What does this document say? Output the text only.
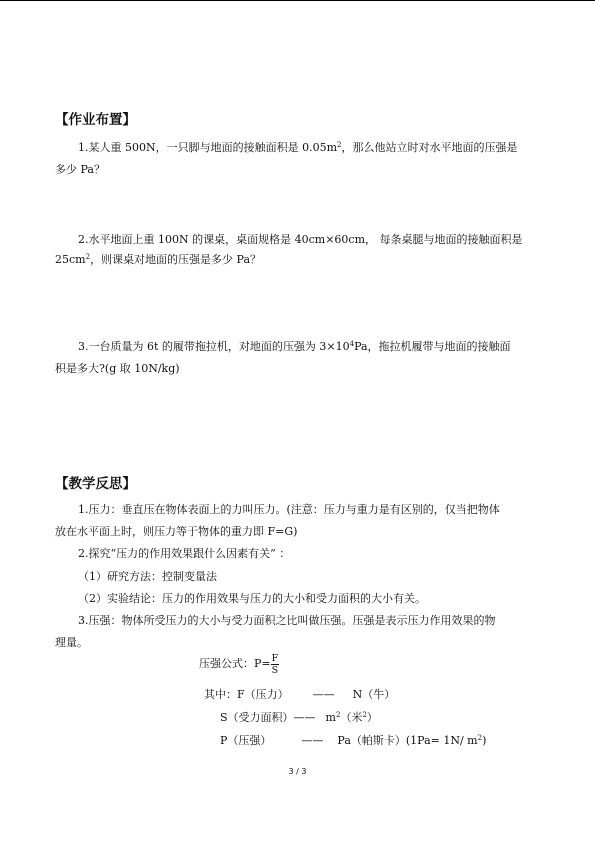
【作业布置】
1.某人重 500N，一只脚与地面的接触面积是 $0.05m^2$，那么他站立时对水平地面的压强是
多少 Pa？
2.水平地面上重 100N 的课桌，桌面规格是 40cm×60cm， 每条桌腿与地面的接触面积是
$25cm^2$，则课桌对地面的压强是多少 Pa？
3.一台质量为 6t 的履带拖拉机，对地面的压强为 $3\times 10^4Pa$，拖拉机履带与地面的接触面
积是多大?(g 取 10N/kg)
【教学反思】
1.压力：垂直压在物体表面上的力叫压力。(注意：压力与重力是有区别的，仅当把物体
放在水平面上时，则压力等于物体的重力即 F=G)
2.探究“压力的作用效果跟什么因素有关” ：
（1）研究方法：控制变量法
（2）实验结论：压力的作用效果与压力的大小和受力面积的大小有关。
3.压强：物体所受压力的大小与受力面积之比叫做压强。压强是表示压力作用效果的物
理量。
压强公式：$P= \frac{F}{S}$
其中：F（压力） —— N（牛）
S（受力面积）—— $m^2$（米$^2$）
P（压强）	—— Pa（帕斯卡）(1Pa= 1N/ $m^2$)
3 / 3
